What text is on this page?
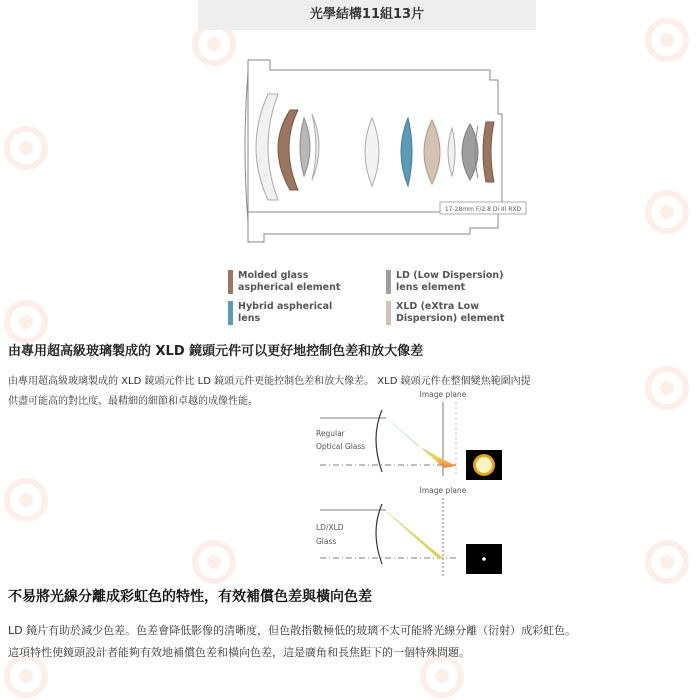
光學結構11組13片
17-28mm F/2.8 Di III RXD
Molded glass
aspherical element
LD (Low Dispersion)
lens element
Hybrid aspherical
lens
XLD (eXtra Low
Dispersion) element
由專用超高級玻璃製成的 XLD 鏡頭元件可以更好地控制色差和放大像差
由專用超高級玻璃製成的 XLD 鏡頭元件比 LD 鏡頭元件更能控制色差和放大像差。 XLD 鏡頭元件在整個變焦範圍內提
供盡可能高的對比度、最精細的細節和卓越的成像性能。
Image plane
Regular
Optical Glass
Image plane
LD/XLD
Glass
不易將光線分離成彩虹色的特性，有效補償色差與橫向色差
LD 鏡片有助於減少色差。色差會降低影像的清晰度，但色散指數極低的玻璃不太可能將光線分離（衍射）成彩虹色。
這項特性使鏡頭設計者能夠有效地補償色差和橫向色差，這是廣角和長焦距下的一個特殊問題。
